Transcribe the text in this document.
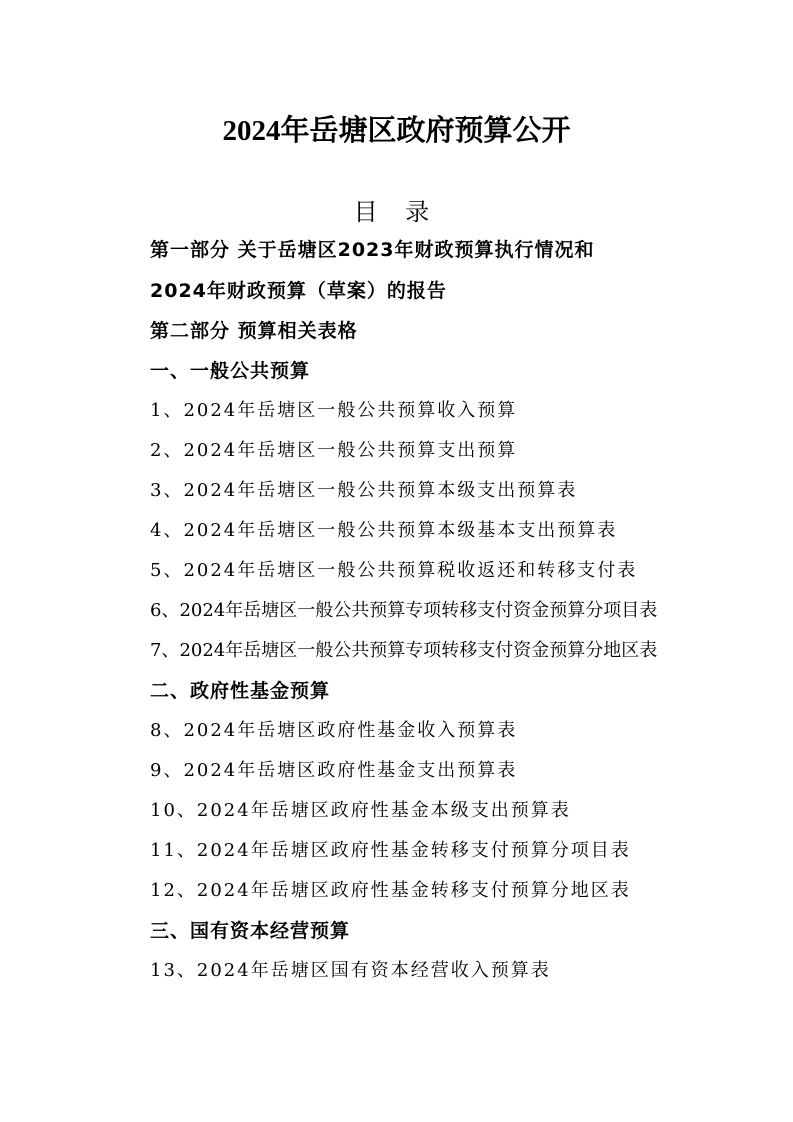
2024年岳塘区政府预算公开
目 录
第一部分 关于岳塘区2023年财政预算执行情况和
2024年财政预算（草案）的报告
第二部分 预算相关表格
一、一般公共预算
1、2024年岳塘区一般公共预算收入预算
2、2024年岳塘区一般公共预算支出预算
3、2024年岳塘区一般公共预算本级支出预算表
4、2024年岳塘区一般公共预算本级基本支出预算表
5、2024年岳塘区一般公共预算税收返还和转移支付表
6、2024年岳塘区一般公共预算专项转移支付资金预算分项目表
7、2024年岳塘区一般公共预算专项转移支付资金预算分地区表
二、政府性基金预算
8、2024年岳塘区政府性基金收入预算表
9、2024年岳塘区政府性基金支出预算表
10、2024年岳塘区政府性基金本级支出预算表
11、2024年岳塘区政府性基金转移支付预算分项目表
12、2024年岳塘区政府性基金转移支付预算分地区表
三、国有资本经营预算
13、2024年岳塘区国有资本经营收入预算表
